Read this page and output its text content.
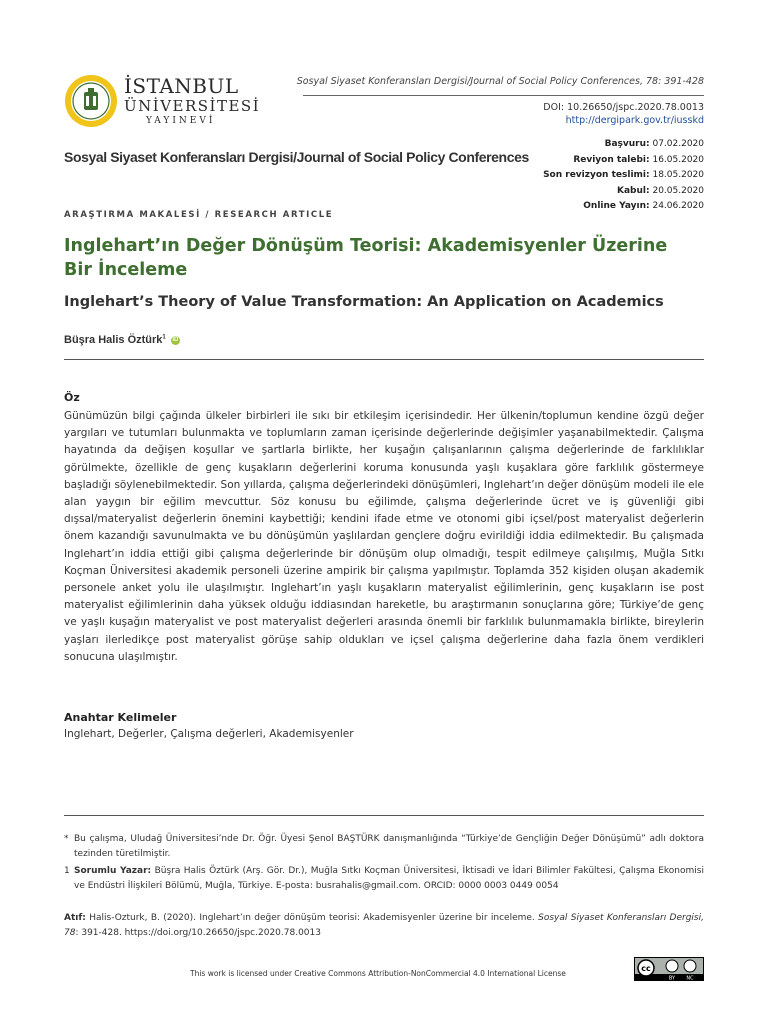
İSTANBUL
ÜNİVERSİTESİ
YAYINEVİ
Sosyal Siyaset Konferansları Dergisi/Journal of Social Policy Conferences, 78: 391-428
DOI: 10.26650/jspc.2020.78.0013
http://dergipark.gov.tr/iusskd
Sosyal Siyaset Konferansları Dergisi/Journal of Social Policy Conferences
Başvuru: 07.02.2020
Reviyon talebi: 16.05.2020
Son revizyon teslimi: 18.05.2020
Kabul: 20.05.2020
Online Yayın: 24.06.2020
ARAŞTIRMA MAKALESİ / RESEARCH ARTICLE
Inglehart’ın Değer Dönüşüm Teorisi: Akademisyenler Üzerine Bir İnceleme
Inglehart’s Theory of Value Transformation: An Application on Academics
Büşra Halis Öztürk$^1$ iD
Öz
Günümüzün bilgi çağında ülkeler birbirleri ile sıkı bir etkileşim içerisindedir. Her ülkenin/toplumun kendine özgü değer yargıları ve tutumları bulunmakta ve toplumların zaman içerisinde değerlerinde değişimler yaşanabilmektedir. Çalışma hayatında da değişen koşullar ve şartlarla birlikte, her kuşağın çalışanlarının çalışma değerlerinde de farklılıklar görülmekte, özellikle de genç kuşakların değerlerini koruma konusunda yaşlı kuşaklara göre farklılık göstermeye başladığı söylenebilmektedir. Son yıllarda, çalışma değerlerindeki dönüşümleri, Inglehart’ın değer dönüşüm modeli ile ele alan yaygın bir eğilim mevcuttur. Söz konusu bu eğilimde, çalışma değerlerinde ücret ve iş güvenliği gibi dışsal/materyalist değerlerin önemini kaybettiği; kendini ifade etme ve otonomi gibi içsel/post materyalist değerlerin önem kazandığı savunulmakta ve bu dönüşümün yaşlılardan gençlere doğru evirildiği iddia edilmektedir. Bu çalışmada Inglehart’ın iddia ettiği gibi çalışma değerlerinde bir dönüşüm olup olmadığı, tespit edilmeye çalışılmış, Muğla Sıtkı Koçman Üniversitesi akademik personeli üzerine ampirik bir çalışma yapılmıştır. Toplamda 352 kişiden oluşan akademik personele anket yolu ile ulaşılmıştır. Inglehart’ın yaşlı kuşakların materyalist eğilimlerinin, genç kuşakların ise post materyalist eğilimlerinin daha yüksek olduğu iddiasından hareketle, bu araştırmanın sonuçlarına göre; Türkiye’de genç ve yaşlı kuşağın materyalist ve post materyalist değerleri arasında önemli bir farklılık bulunmamakla birlikte, bireylerin yaşları ilerledikçe post materyalist görüşe sahip oldukları ve içsel çalışma değerlerine daha fazla önem verdikleri sonucuna ulaşılmıştır.
Anahtar Kelimeler
Inglehart, Değerler, Çalışma değerleri, Akademisyenler
* Bu çalışma, Uludağ Üniversitesi’nde Dr. Öğr. Üyesi Şenol BAŞTÜRK danışmanlığında “Türkiye’de Gençliğin Değer Dönüşümü” adlı doktora tezinden türetilmiştir.
1 Sorumlu Yazar: Büşra Halis Öztürk (Arş. Gör. Dr.), Muğla Sıtkı Koçman Üniversitesi, İktisadi ve İdari Bilimler Fakültesi, Çalışma Ekonomisi ve Endüstri İlişkileri Bölümü, Muğla, Türkiye. E-posta: busrahalis@gmail.com. ORCID: 0000 0003 0449 0054
Atıf: Halis-Ozturk, B. (2020). Inglehart’ın değer dönüşüm teorisi: Akademisyenler üzerine bir inceleme. Sosyal Siyaset Konferansları Dergisi, 78: 391-428. https://doi.org/10.26650/jspc.2020.78.0013
This work is licensed under Creative Commons Attribution-NonCommercial 4.0 International License
cc
BY NC
